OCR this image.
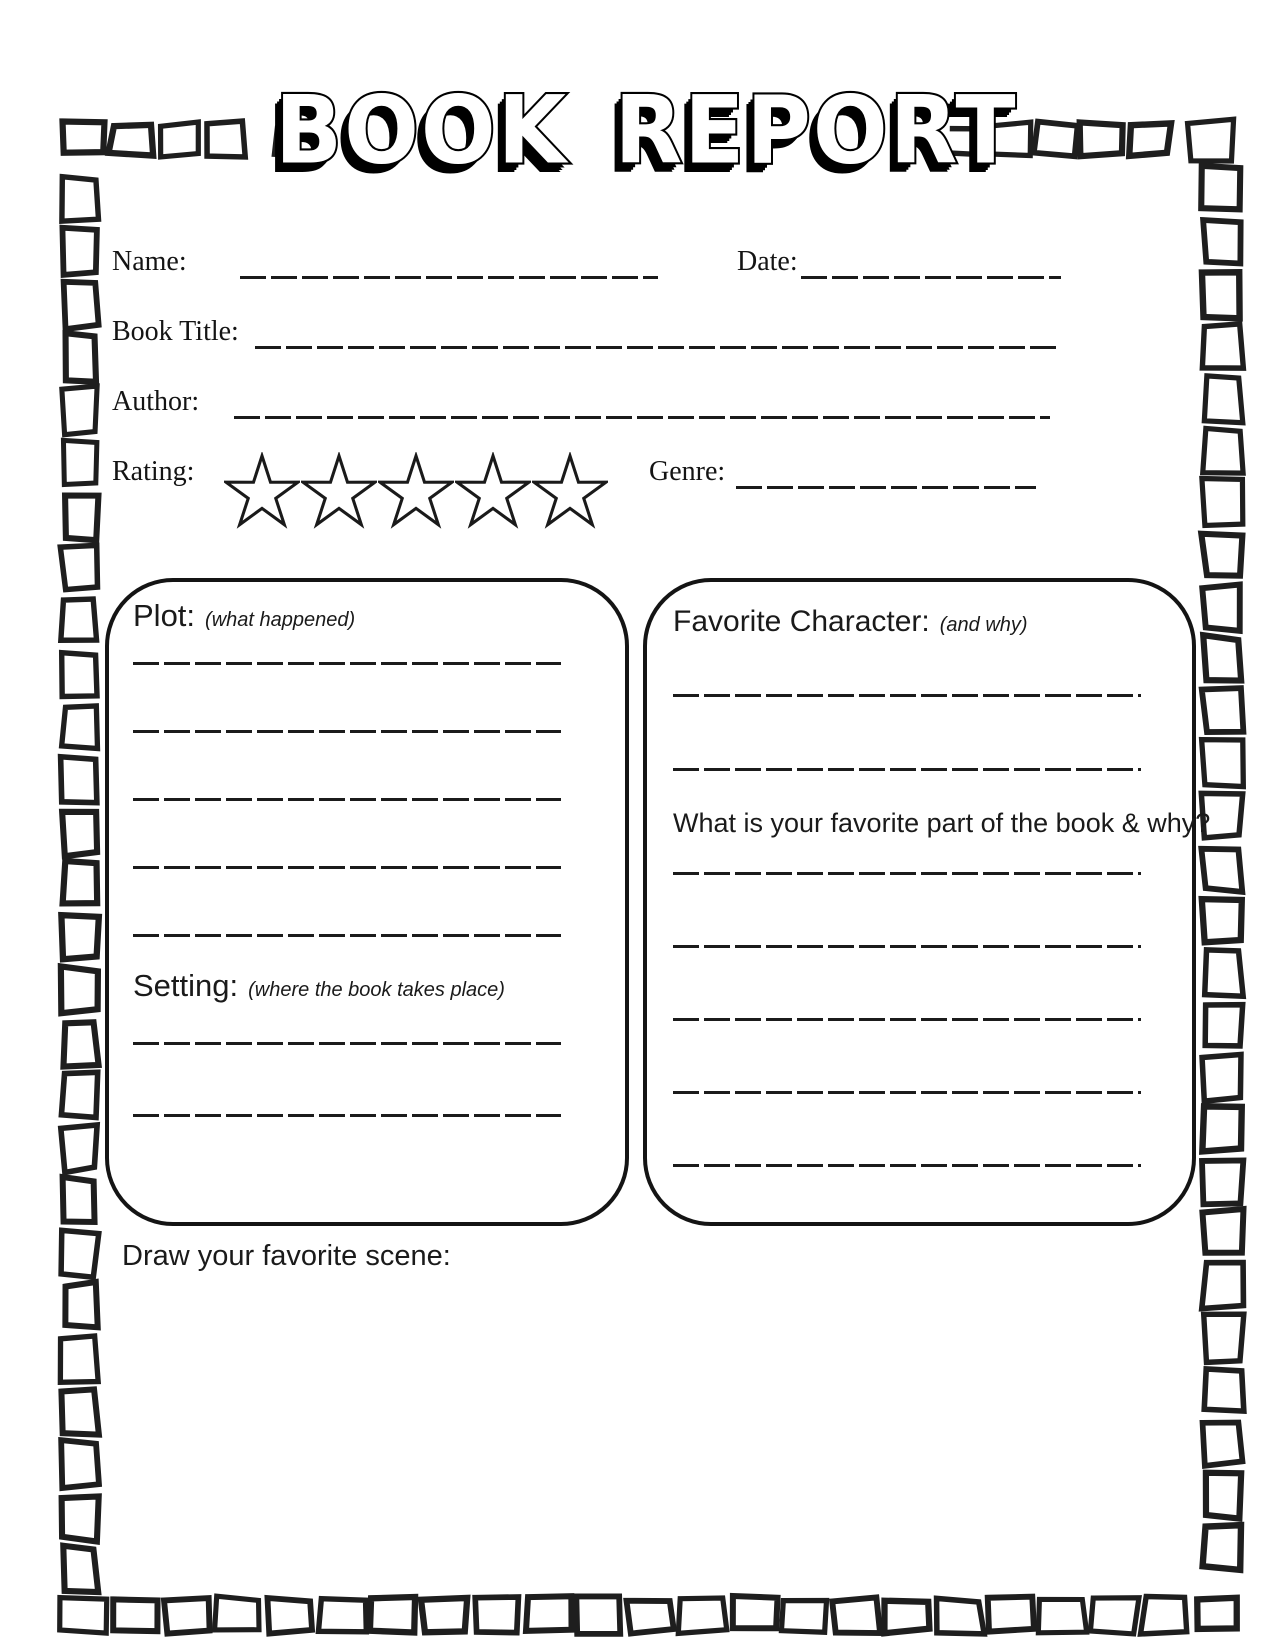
BOOK REPORT
Name:	Date:
Book Title:
Author:
Rating:	Genre:
Plot: (what happened)
Setting: (where the book takes place)
Favorite Character: (and why)
What is your favorite part of the book & why?
Draw your favorite scene:
